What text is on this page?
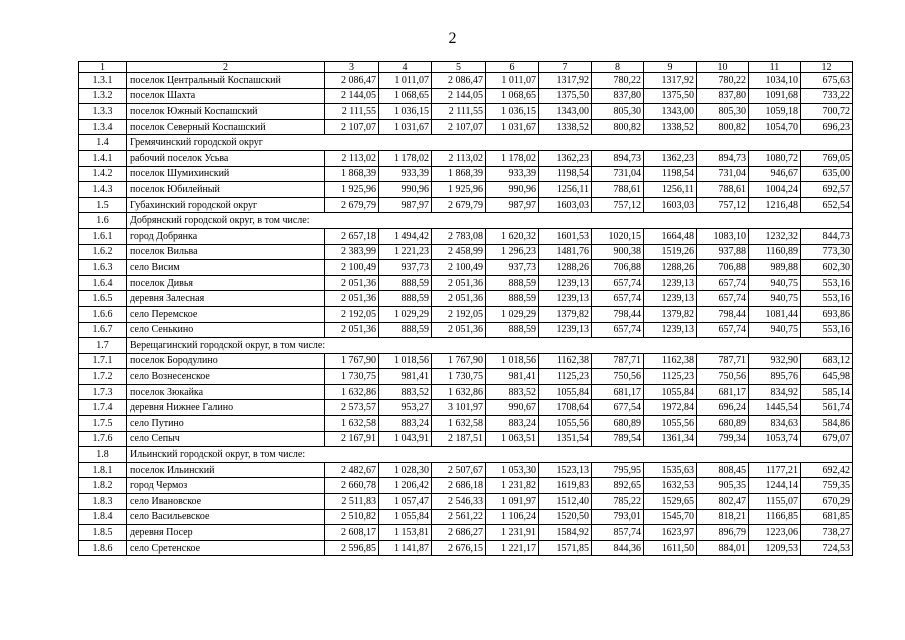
2
1	2	3	4	5	6	7	8	9	10	11	12
1.3.1	поселок Центральный Коспашский	2 086,47	1 011,07	2 086,47	1 011,07	1317,92	780,22	1317,92	780,22	1034,10	675,63
1.3.2	поселок Шахта	2 144,05	1 068,65	2 144,05	1 068,65	1375,50	837,80	1375,50	837,80	1091,68	733,22
1.3.3	поселок Южный Коспашский	2 111,55	1 036,15	2 111,55	1 036,15	1343,00	805,30	1343,00	805,30	1059,18	700,72
1.3.4	поселок Северный Коспашский	2 107,07	1 031,67	2 107,07	1 031,67	1338,52	800,82	1338,52	800,82	1054,70	696,23
1.4	Гремячинский городской округ										
1.4.1	рабочий поселок Усьва	2 113,02	1 178,02	2 113,02	1 178,02	1362,23	894,73	1362,23	894,73	1080,72	769,05
1.4.2	поселок Шумихинский	1 868,39	933,39	1 868,39	933,39	1198,54	731,04	1198,54	731,04	946,67	635,00
1.4.3	поселок Юбилейный	1 925,96	990,96	1 925,96	990,96	1256,11	788,61	1256,11	788,61	1004,24	692,57
1.5	Губахинский городской округ	2 679,79	987,97	2 679,79	987,97	1603,03	757,12	1603,03	757,12	1216,48	652,54
1.6	Добрянский городской округ, в том числе:										
1.6.1	город Добрянка	2 657,18	1 494,42	2 783,08	1 620,32	1601,53	1020,15	1664,48	1083,10	1232,32	844,73
1.6.2	поселок Вильва	2 383,99	1 221,23	2 458,99	1 296,23	1481,76	900,38	1519,26	937,88	1160,89	773,30
1.6.3	село Висим	2 100,49	937,73	2 100,49	937,73	1288,26	706,88	1288,26	706,88	989,88	602,30
1.6.4	поселок Дивья	2 051,36	888,59	2 051,36	888,59	1239,13	657,74	1239,13	657,74	940,75	553,16
1.6.5	деревня Залесная	2 051,36	888,59	2 051,36	888,59	1239,13	657,74	1239,13	657,74	940,75	553,16
1.6.6	село Перемское	2 192,05	1 029,29	2 192,05	1 029,29	1379,82	798,44	1379,82	798,44	1081,44	693,86
1.6.7	село Сенькино	2 051,36	888,59	2 051,36	888,59	1239,13	657,74	1239,13	657,74	940,75	553,16
1.7	Верещагинский городской округ, в том числе:										
1.7.1	поселок Бородулино	1 767,90	1 018,56	1 767,90	1 018,56	1162,38	787,71	1162,38	787,71	932,90	683,12
1.7.2	село Вознесенское	1 730,75	981,41	1 730,75	981,41	1125,23	750,56	1125,23	750,56	895,76	645,98
1.7.3	поселок Зюкайка	1 632,86	883,52	1 632,86	883,52	1055,84	681,17	1055,84	681,17	834,92	585,14
1.7.4	деревня Нижнее Галино	2 573,57	953,27	3 101,97	990,67	1708,64	677,54	1972,84	696,24	1445,54	561,74
1.7.5	село Путино	1 632,58	883,24	1 632,58	883,24	1055,56	680,89	1055,56	680,89	834,63	584,86
1.7.6	село Сепыч	2 167,91	1 043,91	2 187,51	1 063,51	1351,54	789,54	1361,34	799,34	1053,74	679,07
1.8	Ильинский городской округ, в том числе:										
1.8.1	поселок Ильинский	2 482,67	1 028,30	2 507,67	1 053,30	1523,13	795,95	1535,63	808,45	1177,21	692,42
1.8.2	город Чермоз	2 660,78	1 206,42	2 686,18	1 231,82	1619,83	892,65	1632,53	905,35	1244,14	759,35
1.8.3	село Ивановское	2 511,83	1 057,47	2 546,33	1 091,97	1512,40	785,22	1529,65	802,47	1155,07	670,29
1.8.4	село Васильевское	2 510,82	1 055,84	2 561,22	1 106,24	1520,50	793,01	1545,70	818,21	1166,85	681,85
1.8.5	деревня Посер	2 608,17	1 153,81	2 686,27	1 231,91	1584,92	857,74	1623,97	896,79	1223,06	738,27
1.8.6	село Сретенское	2 596,85	1 141,87	2 676,15	1 221,17	1571,85	844,36	1611,50	884,01	1209,53	724,53
